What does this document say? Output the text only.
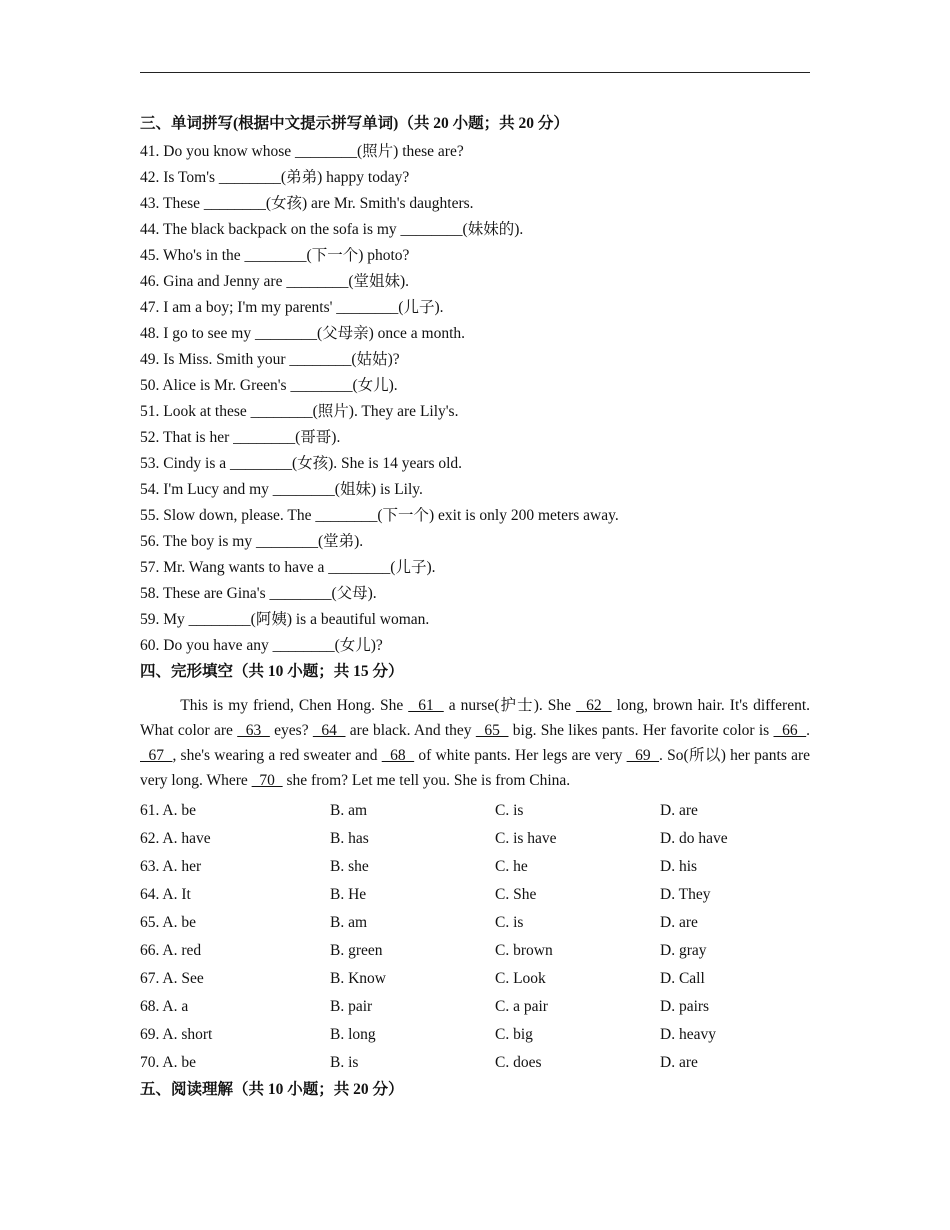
三、单词拼写(根据中文提示拼写单词)（共 20 小题；共 20 分）
41. Do you know whose ________(照片) these are?
42. Is Tom's ________(弟弟) happy today?
43. These ________(女孩) are Mr. Smith's daughters.
44. The black backpack on the sofa is my ________(妹妹的).
45. Who's in the ________(下一个) photo?
46. Gina and Jenny are ________(堂姐妹).
47. I am a boy; I'm my parents' ________(儿子).
48. I go to see my ________(父母亲) once a month.
49. Is Miss. Smith your ________(姑姑)?
50. Alice is Mr. Green's ________(女儿).
51. Look at these ________(照片). They are Lily's.
52. That is her ________(哥哥).
53. Cindy is a ________(女孩). She is 14 years old.
54. I'm Lucy and my ________(姐妹) is Lily.
55. Slow down, please. The ________(下一个) exit is only 200 meters away.
56. The boy is my ________(堂弟).
57. Mr. Wang wants to have a ________(儿子).
58. These are Gina's ________(父母).
59. My ________(阿姨) is a beautiful woman.
60. Do you have any ________(女儿)?
四、完形填空（共 10 小题；共 15 分）
This is my friend, Chen Hong. She   61   a nurse(护士). She   62   long, brown hair. It's different. What color are   63   eyes?   64   are black. And they   65   big. She likes pants. Her favorite color is   66  .   67  , she's wearing a red sweater and   68   of white pants. Her legs are very   69  . So(所以) her pants are very long. Where   70   she from? Let me tell you. She is from China.
61. A. be	B. am	C. is	D. are
62. A. have	B. has	C. is have	D. do have
63. A. her	B. she	C. he	D. his
64. A. It	B. He	C. She	D. They
65. A. be	B. am	C. is	D. are
66. A. red	B. green	C. brown	D. gray
67. A. See	B. Know	C. Look	D. Call
68. A. a	B. pair	C. a pair	D. pairs
69. A. short	B. long	C. big	D. heavy
70. A. be	B. is	C. does	D. are
五、阅读理解（共 10 小题；共 20 分）
